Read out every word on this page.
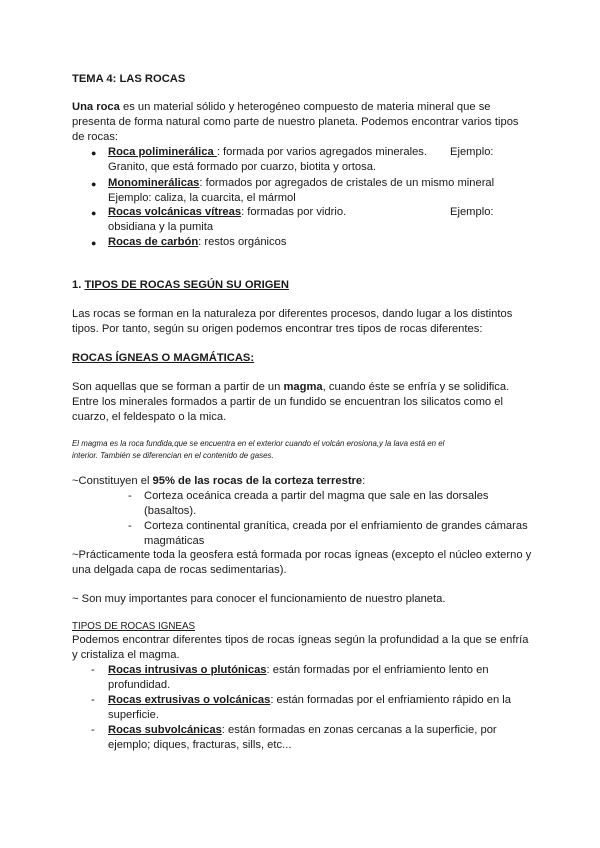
TEMA 4: LAS ROCAS
Una roca es un material sólido y heterogéneo compuesto de materia mineral que se
presenta de forma natural como parte de nuestro planeta. Podemos encontrar varios tipos
de rocas:
● Roca poliminerálica : formada por varios agregados minerales. Ejemplo:
Granito, que está formado por cuarzo, biotita y ortosa.
● Monominerálicas: formados por agregados de cristales de un mismo mineral
Ejemplo: caliza, la cuarcita, el mármol
● Rocas volcánicas vítreas: formadas por vidrio.	Ejemplo:
obsidiana y la pumita
● Rocas de carbón: restos orgánicos
1. TIPOS DE ROCAS SEGÚN SU ORIGEN
Las rocas se forman en la naturaleza por diferentes procesos, dando lugar a los distintos
tipos. Por tanto, según su origen podemos encontrar tres tipos de rocas diferentes:
ROCAS ÍGNEAS O MAGMÁTICAS:
Son aquellas que se forman a partir de un magma, cuando éste se enfría y se solidifica.
Entre los minerales formados a partir de un fundido se encuentran los silicatos como el
cuarzo, el feldespato o la mica.
El magma es la roca fundida,que se encuentra en el exterior cuando el volcán erosiona,y la lava está en el
interior. También se diferencian en el contenido de gases.
~Constituyen el 95% de las rocas de la corteza terrestre:
- Corteza oceánica creada a partir del magma que sale en las dorsales
(basaltos).
- Corteza continental granítica, creada por el enfriamiento de grandes cámaras
magmáticas
~Prácticamente toda la geosfera está formada por rocas ígneas (excepto el núcleo externo y
una delgada capa de rocas sedimentarias).
~ Son muy importantes para conocer el funcionamiento de nuestro planeta.
TIPOS DE ROCAS IGNEAS
Podemos encontrar diferentes tipos de rocas ígneas según la profundidad a la que se enfría
y cristaliza el magma.
- Rocas intrusivas o plutónicas: están formadas por el enfriamiento lento en
profundidad.
- Rocas extrusivas o volcánicas: están formadas por el enfriamiento rápido en la
superficie.
- Rocas subvolcánicas: están formadas en zonas cercanas a la superficie, por
ejemplo; diques, fracturas, sills, etc...
